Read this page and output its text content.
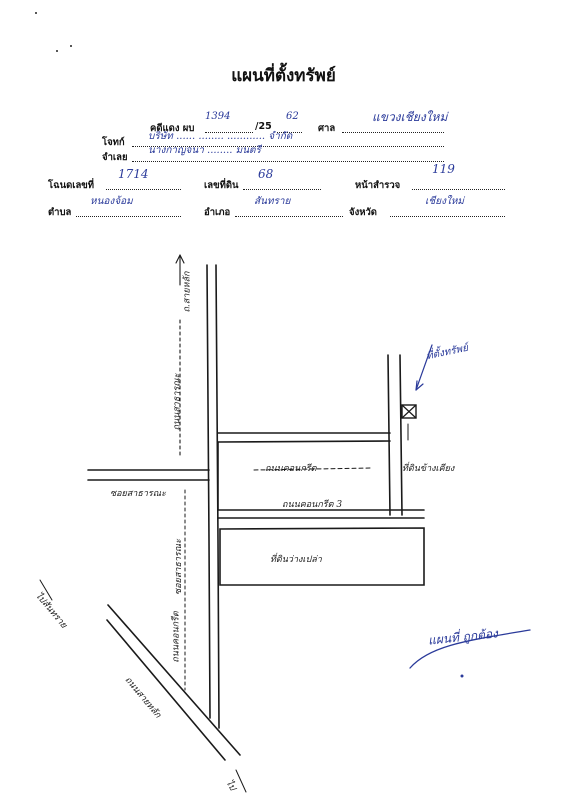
แผนที่ตั้งทรัพย์
คดีแดง ผบ
1394
/25
62
ศาล
แขวงเชียงใหม่
โจทก์
บริษัท ...... ........ ............ จำกัด
จำเลย
นางกาญจนา ........ มนตรี
โฉนดเลขที่
1714
เลขที่ดิน
68
หน้าสำรวจ
119
ตำบล
หนองจ้อม
อำเภอ
สันทราย
จังหวัด
เชียงใหม่
ที่ตั้งทรัพย์
ถนนสาธารณะ
ถ.สายหลัก
ถนนคอนกรีต	ที่ดินข้างเคียง
ซอยสาธารณะ
ถนนคอนกรีต 3
ซอยสาธารณะ
ถนนคอนกรีต
ที่ดินว่างเปล่า
ไปสันทราย
ถนนสายหลัก
ไป
แผนที่ ถูกต้อง
